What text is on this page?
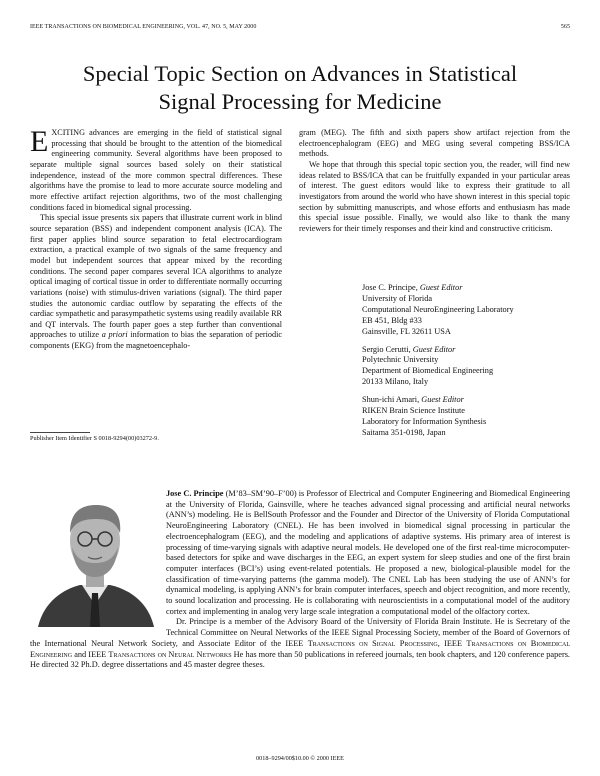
IEEE TRANSACTIONS ON BIOMEDICAL ENGINEERING, VOL. 47, NO. 5, MAY 2000	565
Special Topic Section on Advances in Statistical
Signal Processing for Medicine

EXCITING advances are emerging in the field of statistical signal processing that should be brought to the attention of the biomedical engineering community. Several algorithms have been proposed to separate multiple signal sources based solely on their statistical independence, instead of the more common spectral differences. These algorithms have the promise to lead to more accurate source modeling and more effective artifact rejection algorithms, two of the most challenging conditions faced in biomedical signal processing.

This special issue presents six papers that illustrate current work in blind source separation (BSS) and independent component analysis (ICA). The first paper applies blind source separation to fetal electrocardiogram extraction, a practical example of two signals of the same frequency and model but independent sources that appear mixed by the recording conditions. The second paper compares several ICA algorithms to analyze optical imaging of cortical tissue in order to differentiate normally occurring variations (noise) with stimulus-driven variations (signal). The third paper studies the autonomic cardiac outflow by separating the effects of the cardiac sympathetic and parasympathetic systems using readily available RR and QT intervals. The fourth paper goes a step further than conventional approaches to utilize a priori information to bias the separation of periodic components (EKG) from the magnetoencephalo-

Publisher Item Identifier S 0018-9294(00)03272-9.

gram (MEG). The fifth and sixth papers show artifact rejection from the electroencephalogram (EEG) and MEG using several competing BSS/ICA methods.

We hope that through this special topic section you, the reader, will find new ideas related to BSS/ICA that can be fruitfully expanded in your particular areas of interest. The guest editors would like to express their gratitude to all investigators from around the world who have shown interest in this special topic section by submitting manuscripts, and whose efforts and enthusiasm has made this special issue possible. Finally, we would also like to thank the many reviewers for their timely responses and their kind and constructive criticism.

Jose C. Principe, Guest Editor
University of Florida
Computational NeuroEngineering Laboratory
EB 451, Bldg #33
Gainsville, FL 32611 USA
Sergio Cerutti, Guest Editor
Polytechnic University
Department of Biomedical Engineering
20133 Milano, Italy
Shun-ichi Amari, Guest Editor
RIKEN Brain Science Institute
Laboratory for Information Synthesis
Saitama 351-0198, Japan

Jose C. Principe (M’83–SM’90–F’00) is Professor of Electrical and Computer Engineering and Biomedical Engineering at the University of Florida, Gainsville, where he teaches advanced signal processing and artificial neural networks (ANN’s) modeling. He is BellSouth Professor and the Founder and Director of the University of Florida Computational NeuroEngineering Laboratory (CNEL). He has been involved in biomedical signal processing in particular the electroencephalogram (EEG), and the modeling and applications of adaptive systems. His primary area of interest is processing of time-varying signals with adaptive neural models. He developed one of the first real-time microcomputer-based detectors for spike and wave discharges in the EEG, an expert system for sleep studies and one of the first brain computer interfaces (BCI’s) using event-related potentials. He proposed a new, biological-plausible model for the classification of time-varying patterns (the gamma model). The CNEL Lab has been studying the use of ANN’s for dynamical modeling, is applying ANN’s for brain computer interfaces, speech and object recognition, and more recently, to sound localization and processing. He is collaborating with neuroscientists in a computational model of the auditory cortex and implementing in analog very large scale integration a computational model of the olfactory cortex.

Dr. Principe is a member of the Advisory Board of the University of Florida Brain Institute. He is Secretary of the Technical Committee on Neural Networks of the IEEE Signal Processing Society, member of the Board of Governors of the International Neural Network Society, and Associate Editor of the IEEE Transactions on Signal Processing, IEEE Transactions on Biomedical Engineering and IEEE Transactions on Neural Networks He has more than 50 publications in refereed journals, ten book chapters, and 120 conference papers. He directed 32 Ph.D. degree dissertations and 45 master degree theses.

0018–9294/00$10.00 © 2000 IEEE
